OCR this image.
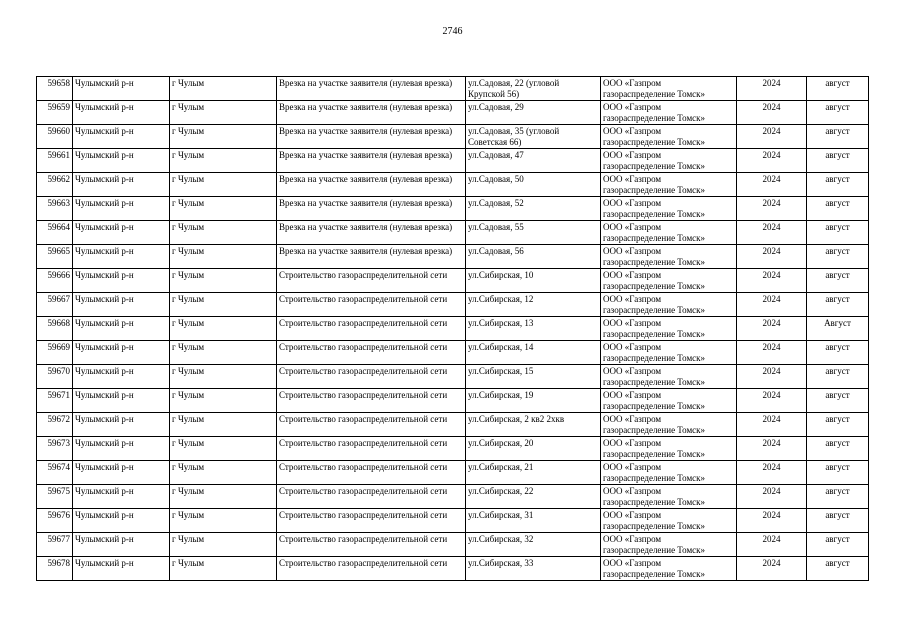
2746
59658	Чулымский р-н	г Чулым	Врезка на участке заявителя (нулевая врезка)	ул.Садовая, 22 (угловой Крупской 56)	ООО «Газпром газораспределение Томск»	2024	август
59659	Чулымский р-н	г Чулым	Врезка на участке заявителя (нулевая врезка)	ул.Садовая, 29	ООО «Газпром газораспределение Томск»	2024	август
59660	Чулымский р-н	г Чулым	Врезка на участке заявителя (нулевая врезка)	ул.Садовая, 35 (угловой Советская 66)	ООО «Газпром газораспределение Томск»	2024	август
59661	Чулымский р-н	г Чулым	Врезка на участке заявителя (нулевая врезка)	ул.Садовая, 47	ООО «Газпром газораспределение Томск»	2024	август
59662	Чулымский р-н	г Чулым	Врезка на участке заявителя (нулевая врезка)	ул.Садовая, 50	ООО «Газпром газораспределение Томск»	2024	август
59663	Чулымский р-н	г Чулым	Врезка на участке заявителя (нулевая врезка)	ул.Садовая, 52	ООО «Газпром газораспределение Томск»	2024	август
59664	Чулымский р-н	г Чулым	Врезка на участке заявителя (нулевая врезка)	ул.Садовая, 55	ООО «Газпром газораспределение Томск»	2024	август
59665	Чулымский р-н	г Чулым	Врезка на участке заявителя (нулевая врезка)	ул.Садовая, 56	ООО «Газпром газораспределение Томск»	2024	август
59666	Чулымский р-н	г Чулым	Строительство газораспределительной сети	ул.Сибирская, 10	ООО «Газпром газораспределение Томск»	2024	август
59667	Чулымский р-н	г Чулым	Строительство газораспределительной сети	ул.Сибирская, 12	ООО «Газпром газораспределение Томск»	2024	август
59668	Чулымский р-н	г Чулым	Строительство газораспределительной сети	ул.Сибирская, 13	ООО «Газпром газораспределение Томск»	2024	Август
59669	Чулымский р-н	г Чулым	Строительство газораспределительной сети	ул.Сибирская, 14	ООО «Газпром газораспределение Томск»	2024	август
59670	Чулымский р-н	г Чулым	Строительство газораспределительной сети	ул.Сибирская, 15	ООО «Газпром газораспределение Томск»	2024	август
59671	Чулымский р-н	г Чулым	Строительство газораспределительной сети	ул.Сибирская, 19	ООО «Газпром газораспределение Томск»	2024	август
59672	Чулымский р-н	г Чулым	Строительство газораспределительной сети	ул.Сибирская, 2 кв2 2хкв	ООО «Газпром газораспределение Томск»	2024	август
59673	Чулымский р-н	г Чулым	Строительство газораспределительной сети	ул.Сибирская, 20	ООО «Газпром газораспределение Томск»	2024	август
59674	Чулымский р-н	г Чулым	Строительство газораспределительной сети	ул.Сибирская, 21	ООО «Газпром газораспределение Томск»	2024	август
59675	Чулымский р-н	г Чулым	Строительство газораспределительной сети	ул.Сибирская, 22	ООО «Газпром газораспределение Томск»	2024	август
59676	Чулымский р-н	г Чулым	Строительство газораспределительной сети	ул.Сибирская, 31	ООО «Газпром газораспределение Томск»	2024	август
59677	Чулымский р-н	г Чулым	Строительство газораспределительной сети	ул.Сибирская, 32	ООО «Газпром газораспределение Томск»	2024	август
59678	Чулымский р-н	г Чулым	Строительство газораспределительной сети	ул.Сибирская, 33	ООО «Газпром газораспределение Томск»	2024	август
